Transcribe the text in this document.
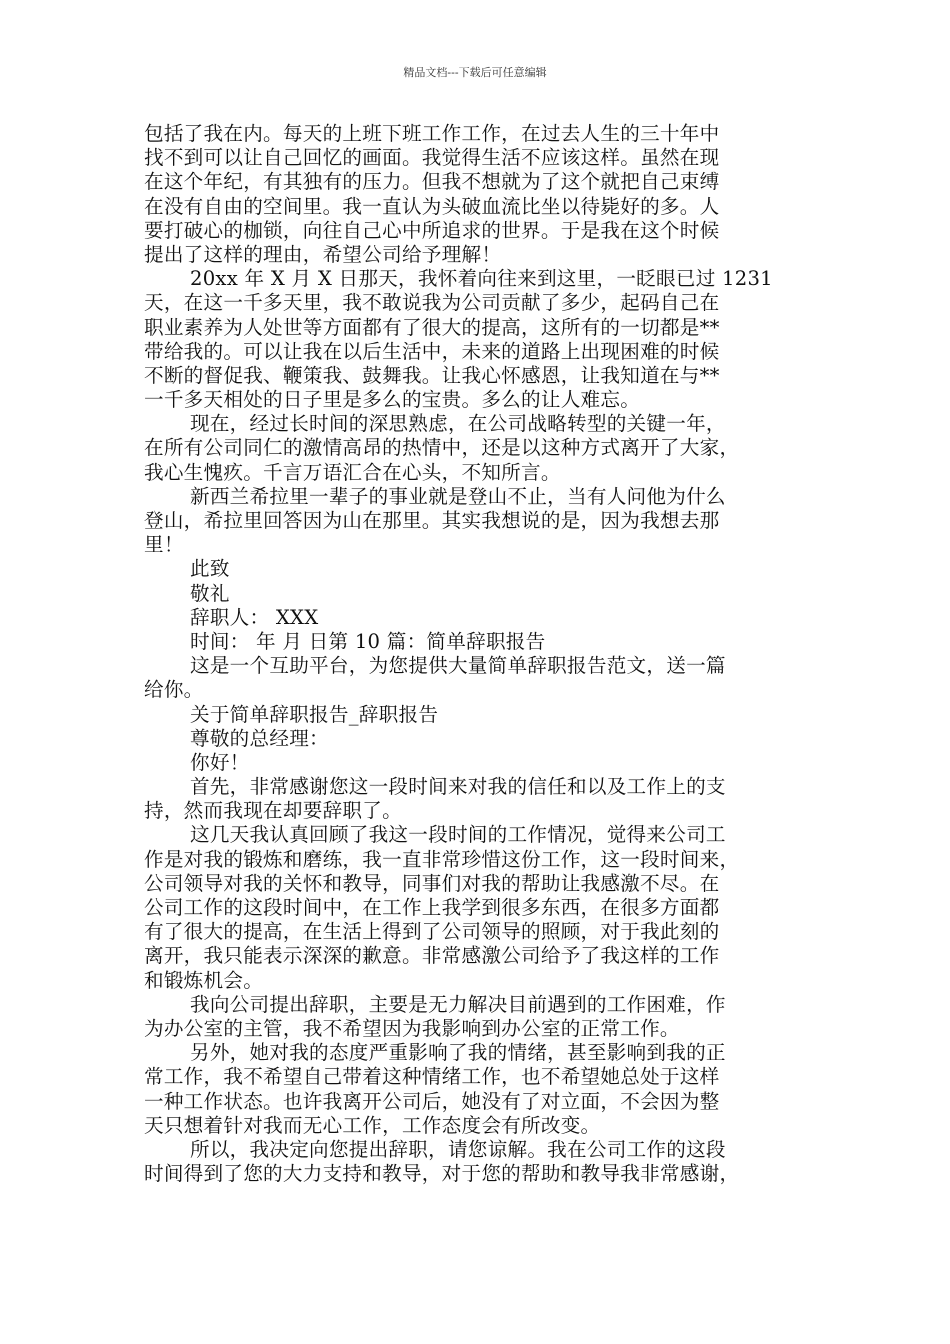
精品文档---下载后可任意编辑
包括了我在内。每天的上班下班工作工作，在过去人生的三十年中
找不到可以让自己回忆的画面。我觉得生活不应该这样。虽然在现
在这个年纪，有其独有的压力。但我不想就为了这个就把自己束缚
在没有自由的空间里。我一直认为头破血流比坐以待毙好的多。人
要打破心的枷锁，向往自己心中所追求的世界。于是我在这个时候
提出了这样的理由，希望公司给予理解！
20xx 年 X 月 X 日那天，我怀着向往来到这里，一眨眼已过 1231
天，在这一千多天里，我不敢说我为公司贡献了多少，起码自己在
职业素养为人处世等方面都有了很大的提高，这所有的一切都是**
带给我的。可以让我在以后生活中，未来的道路上出现困难的时候
不断的督促我、鞭策我、鼓舞我。让我心怀感恩，让我知道在与**
一千多天相处的日子里是多么的宝贵。多么的让人难忘。
现在，经过长时间的深思熟虑，在公司战略转型的关键一年，
在所有公司同仁的激情高昂的热情中，还是以这种方式离开了大家，
我心生愧疚。千言万语汇合在心头，不知所言。
新西兰希拉里一辈子的事业就是登山不止，当有人问他为什么
登山，希拉里回答因为山在那里。其实我想说的是，因为我想去那
里！
此致
敬礼
辞职人： XXX
时间： 年 月 日第 10 篇：简单辞职报告
这是一个互助平台，为您提供大量简单辞职报告范文，送一篇
给你。
关于简单辞职报告_辞职报告
尊敬的总经理：
你好！
首先，非常感谢您这一段时间来对我的信任和以及工作上的支
持，然而我现在却要辞职了。
这几天我认真回顾了我这一段时间的工作情况，觉得来公司工
作是对我的锻炼和磨练，我一直非常珍惜这份工作，这一段时间来，
公司领导对我的关怀和教导，同事们对我的帮助让我感激不尽。在
公司工作的这段时间中，在工作上我学到很多东西，在很多方面都
有了很大的提高，在生活上得到了公司领导的照顾，对于我此刻的
离开，我只能表示深深的歉意。非常感激公司给予了我这样的工作
和锻炼机会。
我向公司提出辞职，主要是无力解决目前遇到的工作困难，作
为办公室的主管，我不希望因为我影响到办公室的正常工作。
另外，她对我的态度严重影响了我的情绪，甚至影响到我的正
常工作，我不希望自己带着这种情绪工作，也不希望她总处于这样
一种工作状态。也许我离开公司后，她没有了对立面，不会因为整
天只想着针对我而无心工作，工作态度会有所改变。
所以，我决定向您提出辞职，请您谅解。我在公司工作的这段
时间得到了您的大力支持和教导，对于您的帮助和教导我非常感谢，
